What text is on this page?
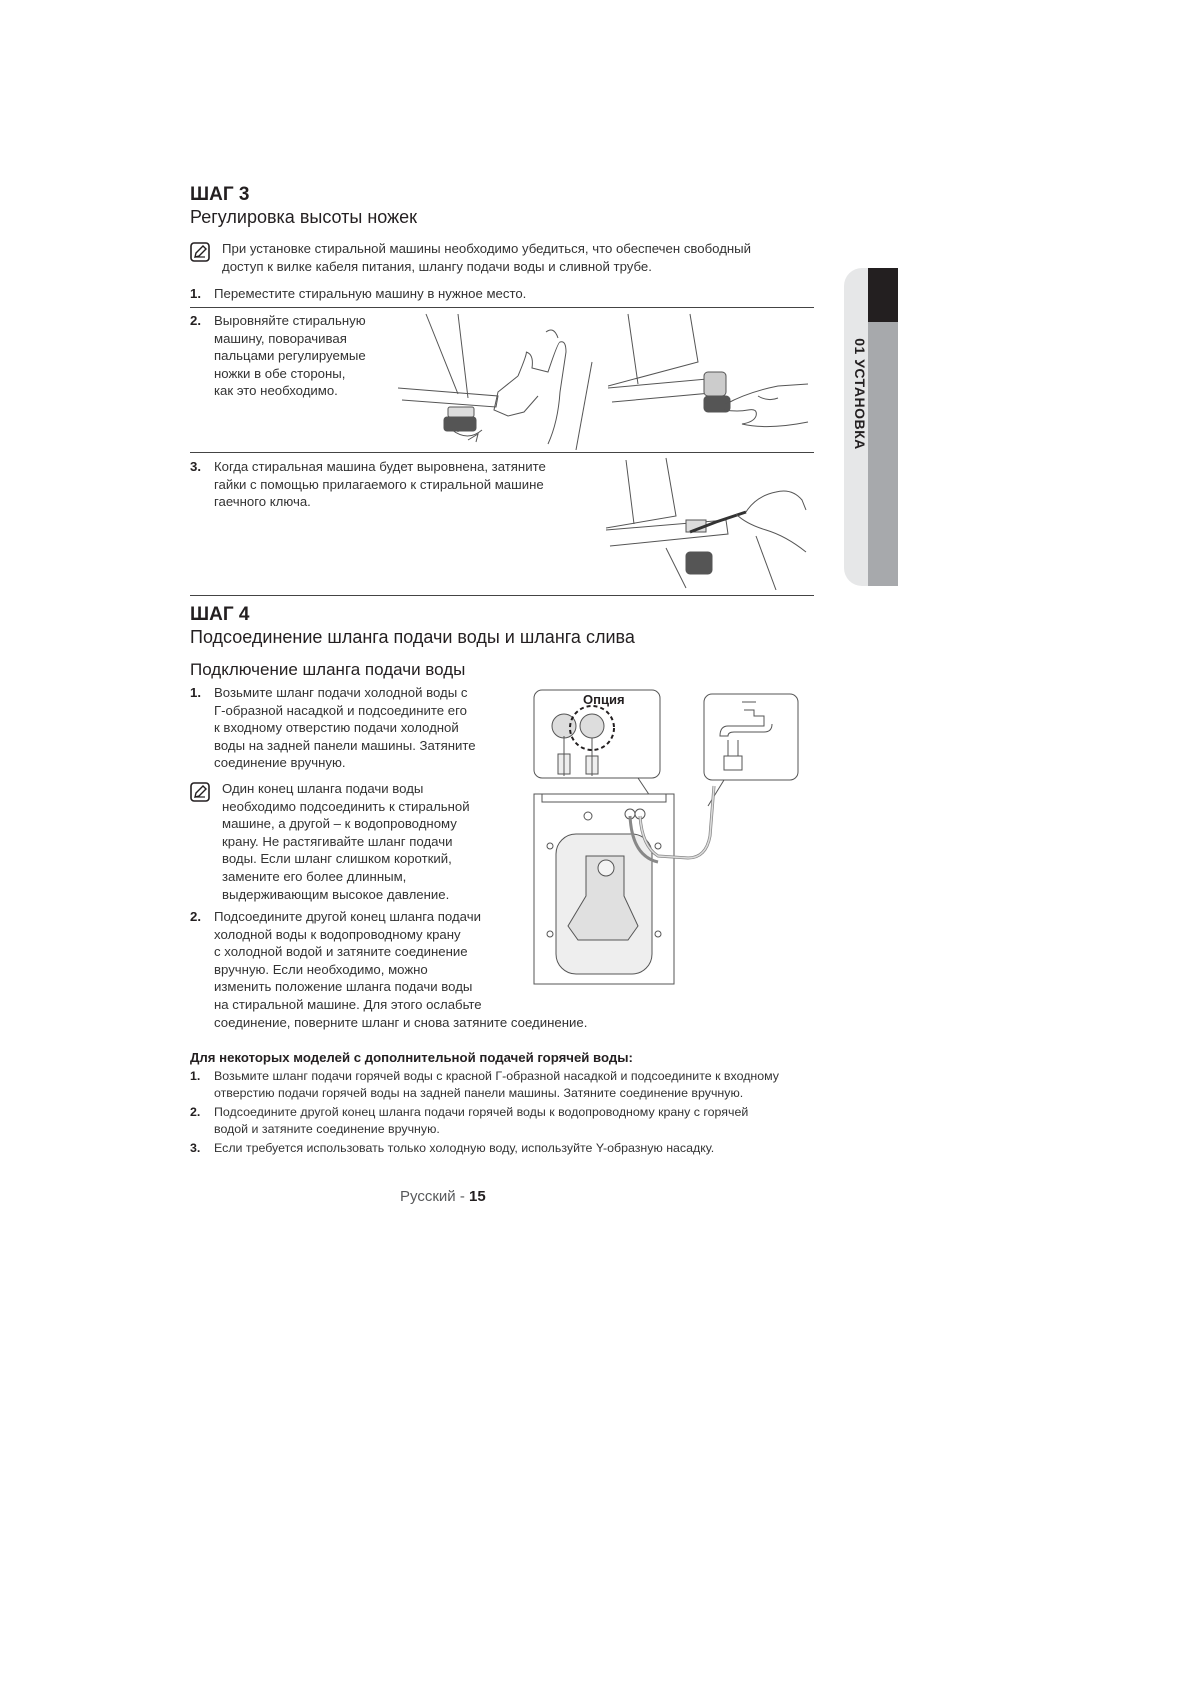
01 УСТАНОВКА
ШАГ 3
Регулировка высоты ножек
При установке стиральной машины необходимо убедиться, что обеспечен свободный
доступ к вилке кабеля питания, шлангу подачи воды и сливной трубе.
1. Переместите стиральную машину в нужное место.
2. Выровняйте стиральную
машину, поворачивая
пальцами регулируемые
ножки в обе стороны,
как это необходимо.
3. Когда стиральная машина будет выровнена, затяните
гайки с помощью прилагаемого к стиральной машине
гаечного ключа.
ШАГ 4
Подсоединение шланга подачи воды и шланга слива
Подключение шланга подачи воды
1. Возьмите шланг подачи холодной воды с
Г-образной насадкой и подсоедините его
к входному отверстию подачи холодной
воды на задней панели машины. Затяните
соединение вручную.
Один конец шланга подачи воды
необходимо подсоединить к стиральной
машине, а другой – к водопроводному
крану. Не растягивайте шланг подачи
воды. Если шланг слишком короткий,
замените его более длинным,
выдерживающим высокое давление.
2. Подсоедините другой конец шланга подачи
холодной воды к водопроводному крану
с холодной водой и затяните соединение
вручную. Если необходимо, можно
изменить положение шланга подачи воды
на стиральной машине. Для этого ослабьте
соединение, поверните шланг и снова затяните соединение.
Опция
Для некоторых моделей с дополнительной подачей горячей воды:
1. Возьмите шланг подачи горячей воды с красной Г-образной насадкой и подсоедините к входному
отверстию подачи горячей воды на задней панели машины. Затяните соединение вручную.
2. Подсоедините другой конец шланга подачи горячей воды к водопроводному крану с горячей
водой и затяните соединение вручную.
3. Если требуется использовать только холодную воду, используйте Y-образную насадку.
Русский - 15
